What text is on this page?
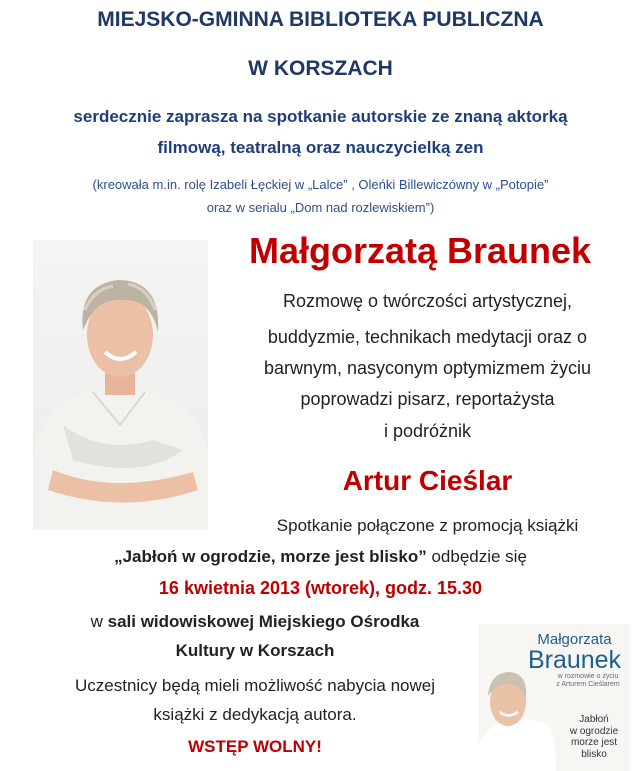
MIEJSKO-GMINNA BIBLIOTEKA PUBLICZNA
W KORSZACH
serdecznie zaprasza na spotkanie autorskie ze znaną aktorką
filmową, teatralną oraz nauczycielką zen
(kreowała m.in. rolę Izabeli Łęckiej w „Lalce” , Oleńki Billewiczówny w „Potopie”
oraz w serialu „Dom nad rozlewiskiem”)
Małgorzatą Braunek
Rozmowę o twórczości artystycznej,
buddyzmie, technikach medytacji oraz o
barwnym, nasyconym optymizmem życiu
poprowadzi pisarz, reportażysta
i podróżnik
Artur Cieślar
Spotkanie połączone z promocją książki
„Jabłoń w ogrodzie, morze jest blisko” odbędzie się
16 kwietnia 2013 (wtorek), godz. 15.30
w sali widowiskowej Miejskiego Ośrodka
Kultury w Korszach
Uczestnicy będą mieli możliwość nabycia nowej
książki z dedykacją autora.
WSTĘP WOLNY!
Małgorzata
Braunek
w rozmowie o życiu
z Arturem Cieślarem
Jabłoń
w ogrodzie
morze jest
blisko
